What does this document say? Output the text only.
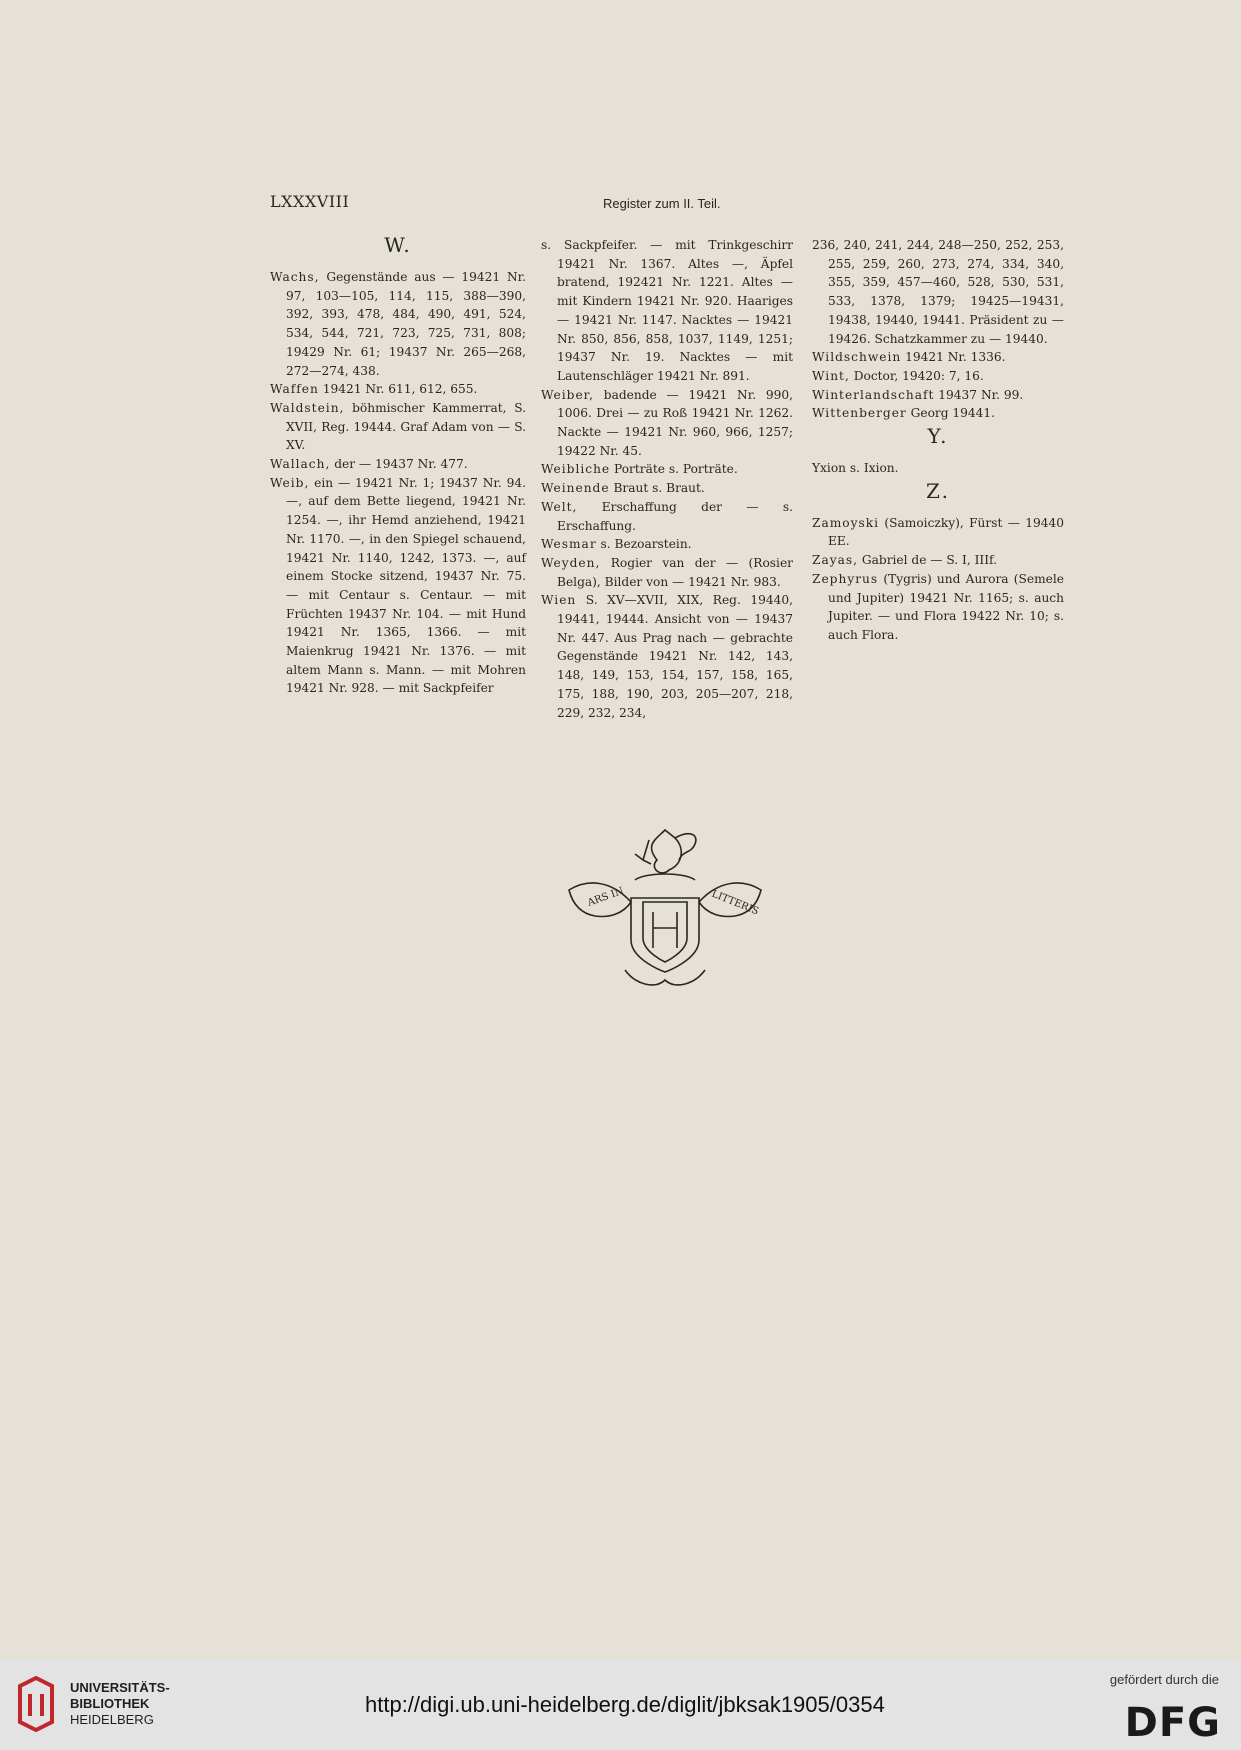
LXXXVIII	Register zum II. Teil.
W.

Wachs, Gegenstände aus — 19421 Nr. 97, 103—105, 114, 115, 388—390, 392, 393, 478, 484, 490, 491, 524, 534, 544, 721, 723, 725, 731, 808; 19429 Nr. 61; 19437 Nr. 265—268, 272—274, 438.

Waffen 19421 Nr. 611, 612, 655.

Waldstein, böhmischer Kammerrat, S. XVII, Reg. 19444. Graf Adam von — S. XV.

Wallach, der — 19437 Nr. 477.

Weib, ein — 19421 Nr. 1; 19437 Nr. 94. —, auf dem Bette liegend, 19421 Nr. 1254. —, ihr Hemd anziehend, 19421 Nr. 1170. —, in den Spiegel schauend, 19421 Nr. 1140, 1242, 1373. —, auf einem Stocke sitzend, 19437 Nr. 75. — mit Centaur s. Centaur. — mit Früchten 19437 Nr. 104. — mit Hund 19421 Nr. 1365, 1366. — mit Maienkrug 19421 Nr. 1376. — mit altem Mann s. Mann. — mit Mohren 19421 Nr. 928. — mit Sackpfeifer

s. Sackpfeifer. — mit Trinkgeschirr 19421 Nr. 1367. Altes —, Äpfel bratend, 192421 Nr. 1221. Altes — mit Kindern 19421 Nr. 920. Haariges — 19421 Nr. 1147. Nacktes — 19421 Nr. 850, 856, 858, 1037, 1149, 1251; 19437 Nr. 19. Nacktes — mit Lautenschläger 19421 Nr. 891.

Weiber, badende — 19421 Nr. 990, 1006. Drei — zu Roß 19421 Nr. 1262. Nackte — 19421 Nr. 960, 966, 1257; 19422 Nr. 45.

Weibliche Porträte s. Porträte.

Weinende Braut s. Braut.

Welt, Erschaffung der — s. Erschaffung.

Wesmar s. Bezoarstein.

Weyden, Rogier van der — (Rosier Belga), Bilder von — 19421 Nr. 983.

Wien S. XV—XVII, XIX, Reg. 19440, 19441, 19444. Ansicht von — 19437 Nr. 447. Aus Prag nach — gebrachte Gegenstände 19421 Nr. 142, 143, 148, 149, 153, 154, 157, 158, 165, 175, 188, 190, 203, 205—207, 218, 229, 232, 234,

236, 240, 241, 244, 248—250, 252, 253, 255, 259, 260, 273, 274, 334, 340, 355, 359, 457—460, 528, 530, 531, 533, 1378, 1379; 19425—19431, 19438, 19440, 19441. Präsident zu — 19426. Schatzkammer zu — 19440.

Wildschwein 19421 Nr. 1336.

Wint, Doctor, 19420: 7, 16.

Winterlandschaft 19437 Nr. 99.

Wittenberger Georg 19441.

Y.

Yxion s. Ixion.

Z.

Zamoyski (Samoiczky), Fürst — 19440 EE.

Zayas, Gabriel de — S. I, IIIf.

Zephyrus (Tygris) und Aurora (Semele und Jupiter) 19421 Nr. 1165; s. auch Jupiter. — und Flora 19422 Nr. 10; s. auch Flora.

ARS IN	LITTERIS
UNIVERSITÄTS-
BIBLIOTHEK
HEIDELBERG
http://digi.ub.uni-heidelberg.de/diglit/jbksak1905/0354
gefördert durch die
DFG
